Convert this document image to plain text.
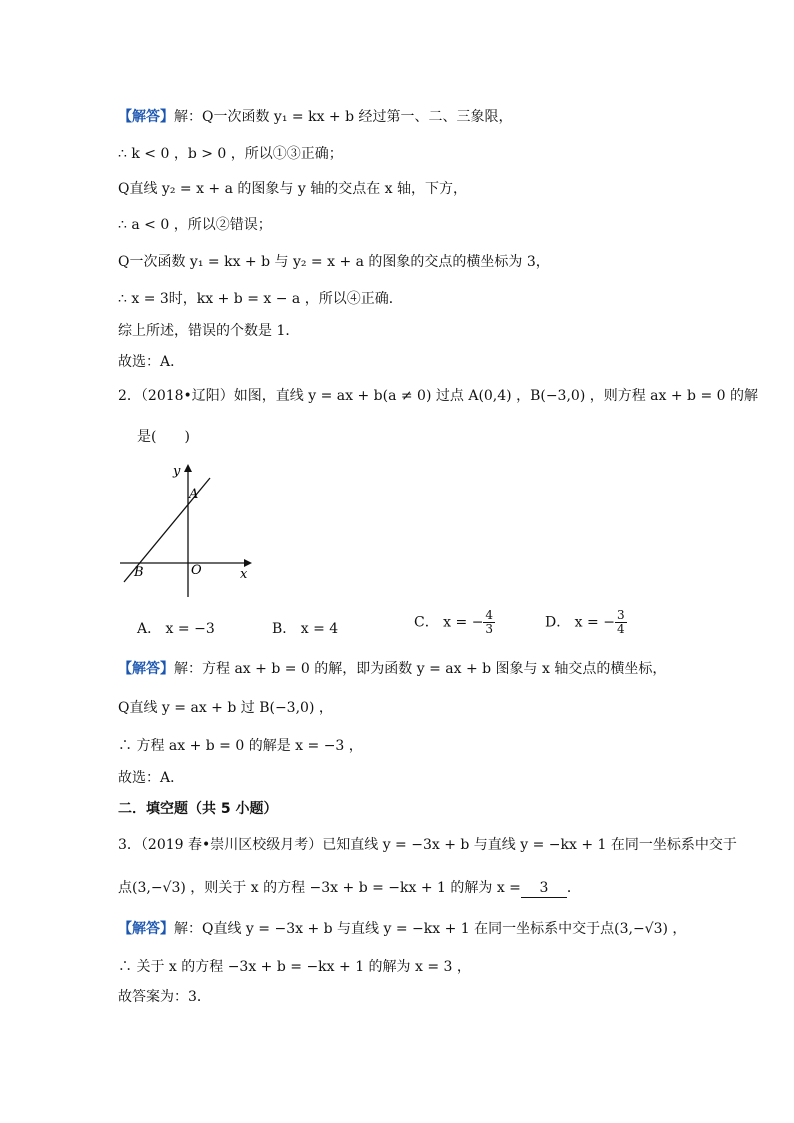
【解答】解：Q一次函数 y₁ = kx + b 经过第一、二、三象限，
∴ k < 0 ，b > 0 ，所以①③正确；
Q直线 y₂ = x + a 的图象与 y 轴的交点在 x 轴，下方，
∴ a < 0 ，所以②错误；
Q一次函数 y₁ = kx + b 与 y₂ = x + a 的图象的交点的横坐标为 3，
∴ x = 3时，kx + b = x − a ，所以④正确．
综上所述，错误的个数是 1．
故选：A．
2．（2018•辽阳）如图，直线 y = ax + b(a ≠ 0) 过点 A(0,4) ，B(−3,0) ，则方程 ax + b = 0 的解
是(　　)
y
A
B	O	x
A． x = −3	B． x = 4	C． x = − $\frac{4}{3}$	D． x = − $\frac{3}{4}$
【解答】解：方程 ax + b = 0 的解，即为函数 y = ax + b 图象与 x 轴交点的横坐标，
Q直线 y = ax + b 过 B(−3,0) ，
∴ 方程 ax + b = 0 的解是 x = −3 ，
故选：A．
二．填空题（共 5 小题）
3．（2019 春•崇川区校级月考）已知直线 y = −3x + b 与直线 y = −kx + 1 在同一坐标系中交于
点(3,−√3) ，则关于 x 的方程 −3x + b = −kx + 1 的解为 x = 3 ．
【解答】解：Q直线 y = −3x + b 与直线 y = −kx + 1 在同一坐标系中交于点(3,−√3) ，
∴ 关于 x 的方程 −3x + b = −kx + 1 的解为 x = 3 ，
故答案为：3．
